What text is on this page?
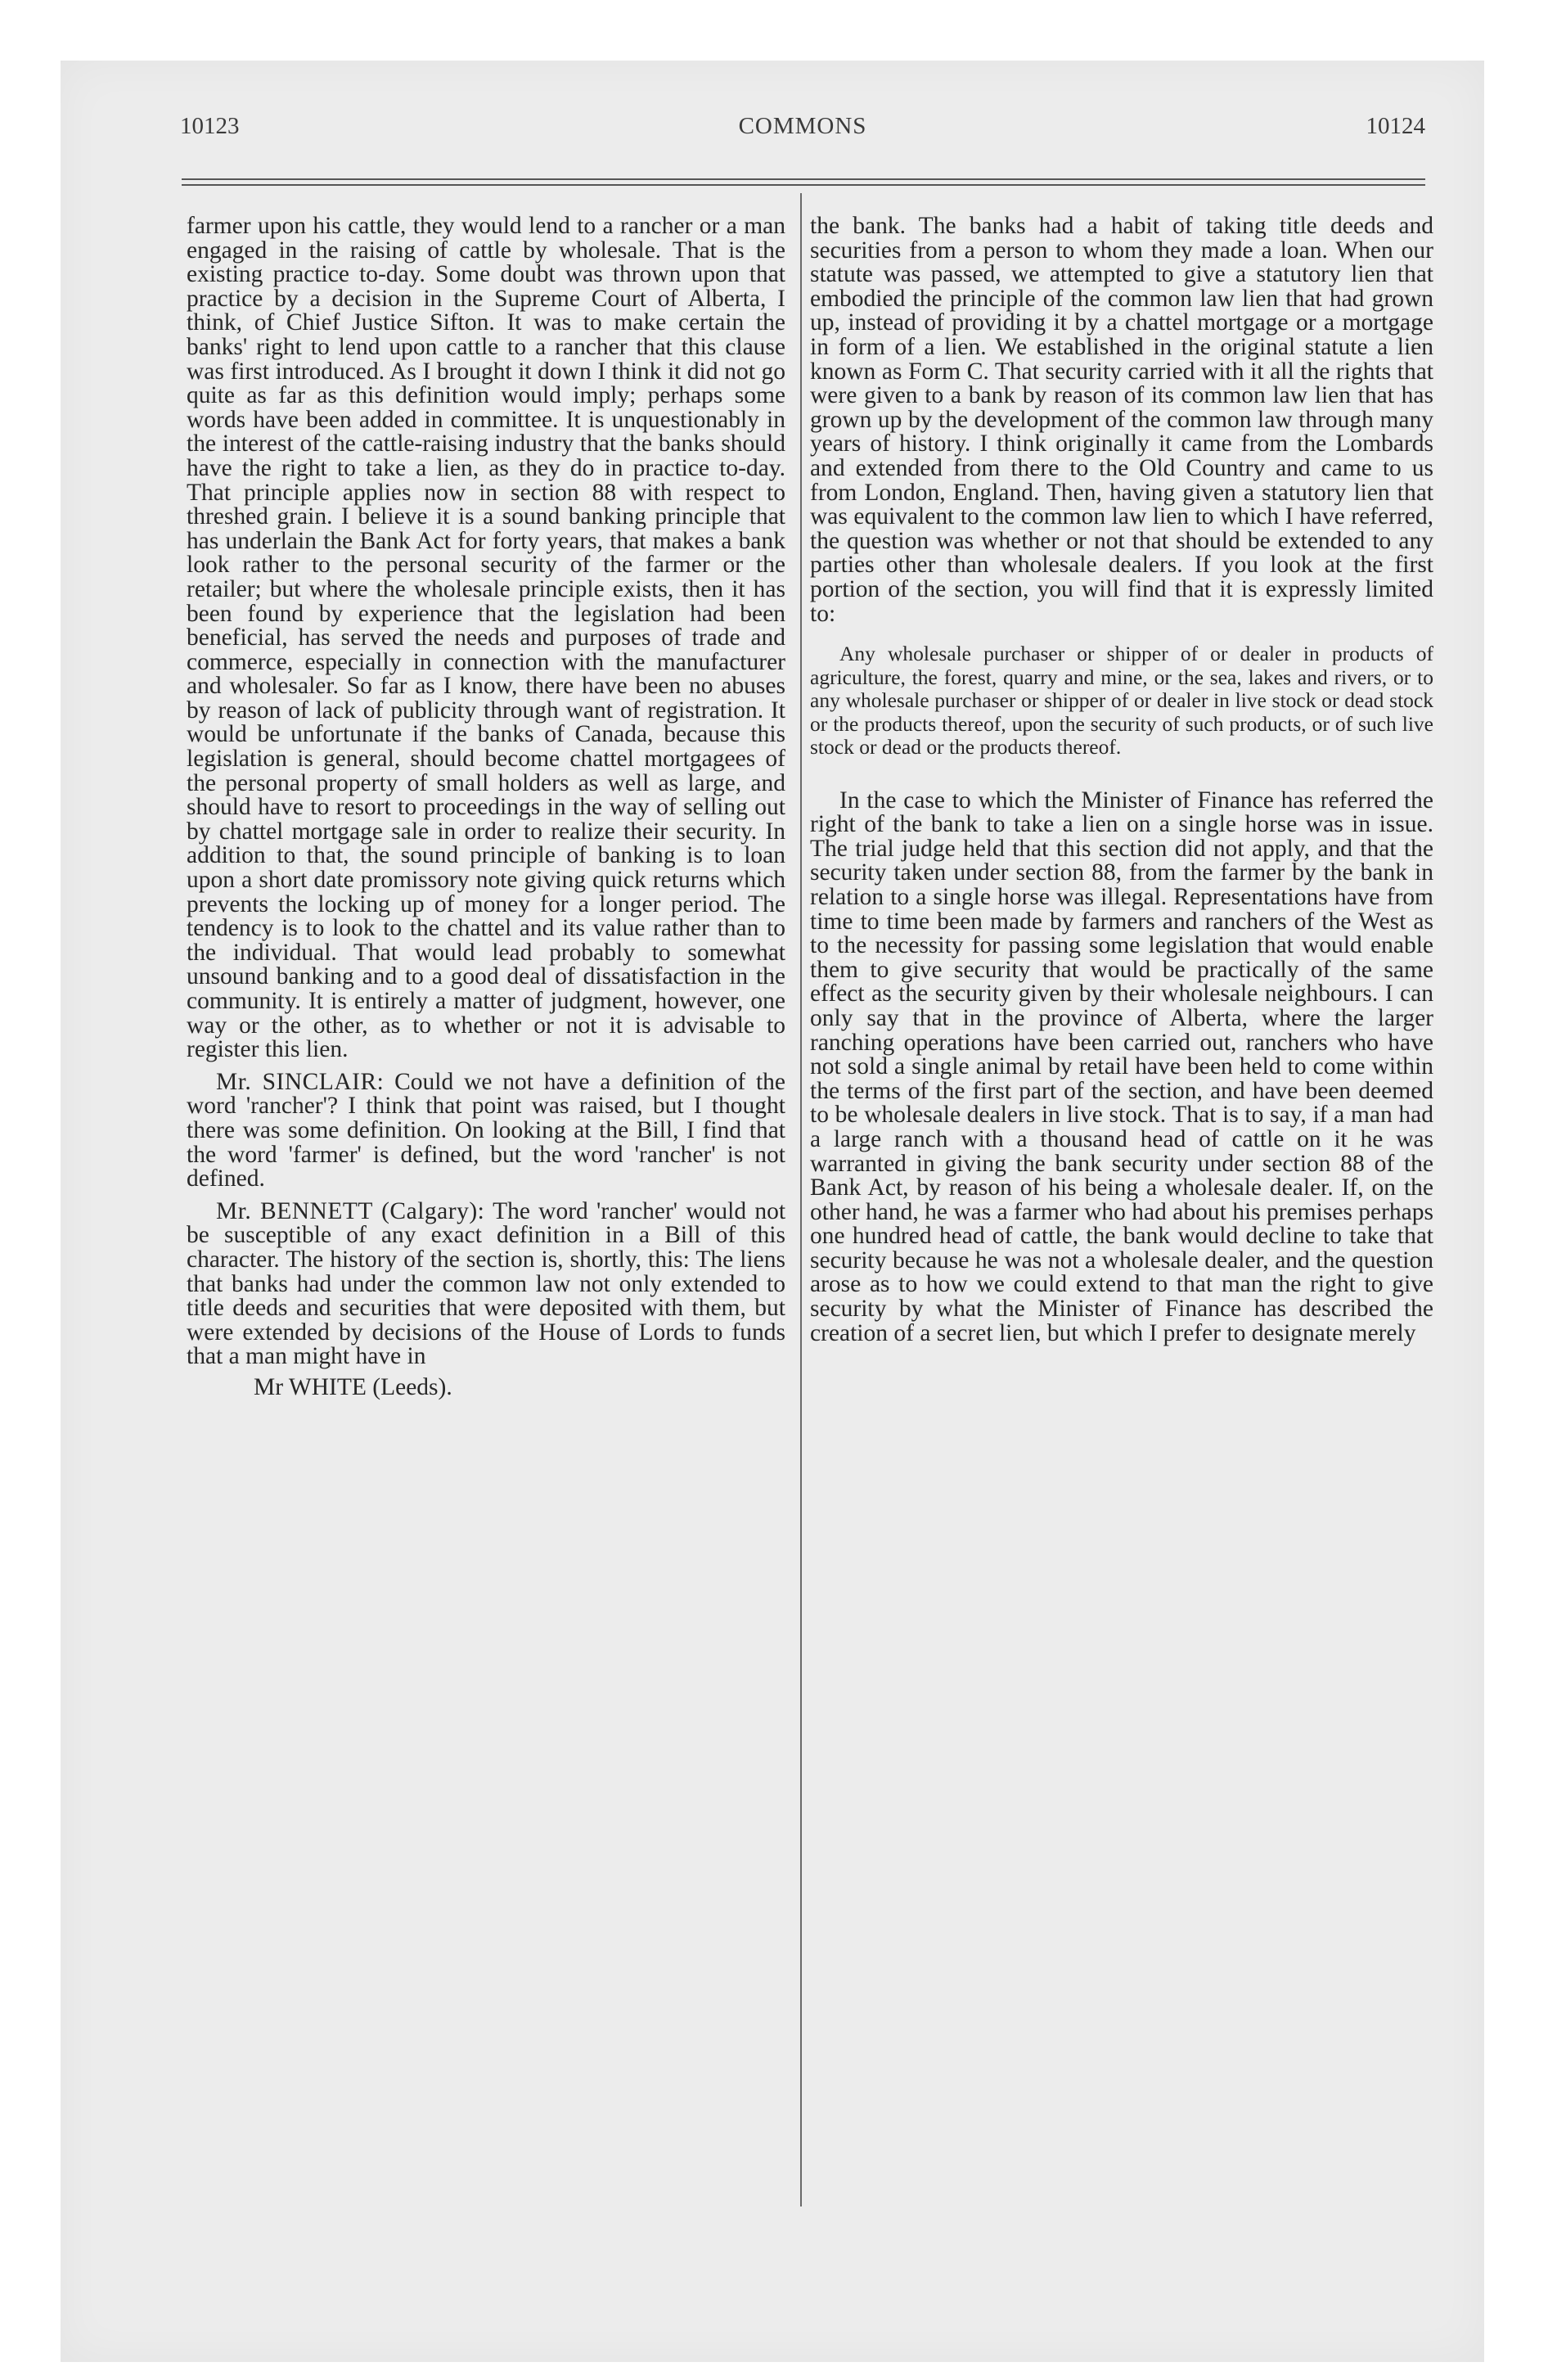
10123	COMMONS	10124

farmer upon his cattle, they would lend to a rancher or a man engaged in the raising of cattle by wholesale. That is the existing practice to-day. Some doubt was thrown upon that practice by a decision in the Supreme Court of Alberta, I think, of Chief Justice Sifton. It was to make certain the banks' right to lend upon cattle to a rancher that this clause was first introduced. As I brought it down I think it did not go quite as far as this definition would imply; perhaps some words have been added in committee. It is unquestionably in the interest of the cattle-raising industry that the banks should have the right to take a lien, as they do in practice to-day. That principle applies now in section 88 with respect to threshed grain. I believe it is a sound banking principle that has underlain the Bank Act for forty years, that makes a bank look rather to the personal security of the farmer or the retailer; but where the wholesale principle exists, then it has been found by experience that the legislation had been beneficial, has served the needs and purposes of trade and commerce, especially in connection with the manufacturer and wholesaler. So far as I know, there have been no abuses by reason of lack of publicity through want of registration. It would be unfortunate if the banks of Canada, because this legislation is general, should become chattel mortgagees of the personal property of small holders as well as large, and should have to resort to proceedings in the way of selling out by chattel mortgage sale in order to realize their security. In addition to that, the sound principle of banking is to loan upon a short date promissory note giving quick returns which prevents the locking up of money for a longer period. The tendency is to look to the chattel and its value rather than to the individual. That would lead probably to somewhat unsound banking and to a good deal of dissatisfaction in the community. It is entirely a matter of judgment, however, one way or the other, as to whether or not it is advisable to register this lien.

Mr. SINCLAIR: Could we not have a definition of the word 'rancher'? I think that point was raised, but I thought there was some definition. On looking at the Bill, I find that the word 'farmer' is defined, but the word 'rancher' is not defined.

Mr. BENNETT (Calgary): The word 'rancher' would not be susceptible of any exact definition in a Bill of this character. The history of the section is, shortly, this: The liens that banks had under the common law not only extended to title deeds and securities that were deposited with them, but were extended by decisions of the House of Lords to funds that a man might have in

Mr WHITE (Leeds).

the bank. The banks had a habit of taking title deeds and securities from a person to whom they made a loan. When our statute was passed, we attempted to give a statutory lien that embodied the principle of the common law lien that had grown up, instead of providing it by a chattel mortgage or a mortgage in form of a lien. We established in the original statute a lien known as Form C. That security carried with it all the rights that were given to a bank by reason of its common law lien that has grown up by the development of the common law through many years of history. I think originally it came from the Lombards and extended from there to the Old Country and came to us from London, England. Then, having given a statutory lien that was equivalent to the common law lien to which I have referred, the question was whether or not that should be extended to any parties other than wholesale dealers. If you look at the first portion of the section, you will find that it is expressly limited to:

Any wholesale purchaser or shipper of or dealer in products of agriculture, the forest, quarry and mine, or the sea, lakes and rivers, or to any wholesale purchaser or shipper of or dealer in live stock or dead stock or the products thereof, upon the security of such products, or of such live stock or dead or the products thereof.

In the case to which the Minister of Finance has referred the right of the bank to take a lien on a single horse was in issue. The trial judge held that this section did not apply, and that the security taken under section 88, from the farmer by the bank in relation to a single horse was illegal. Representations have from time to time been made by farmers and ranchers of the West as to the necessity for passing some legislation that would enable them to give security that would be practically of the same effect as the security given by their wholesale neighbours. I can only say that in the province of Alberta, where the larger ranching operations have been carried out, ranchers who have not sold a single animal by retail have been held to come within the terms of the first part of the section, and have been deemed to be wholesale dealers in live stock. That is to say, if a man had a large ranch with a thousand head of cattle on it he was warranted in giving the bank security under section 88 of the Bank Act, by reason of his being a wholesale dealer. If, on the other hand, he was a farmer who had about his premises perhaps one hundred head of cattle, the bank would decline to take that security because he was not a wholesale dealer, and the question arose as to how we could extend to that man the right to give security by what the Minister of Finance has described the creation of a secret lien, but which I prefer to designate merely
